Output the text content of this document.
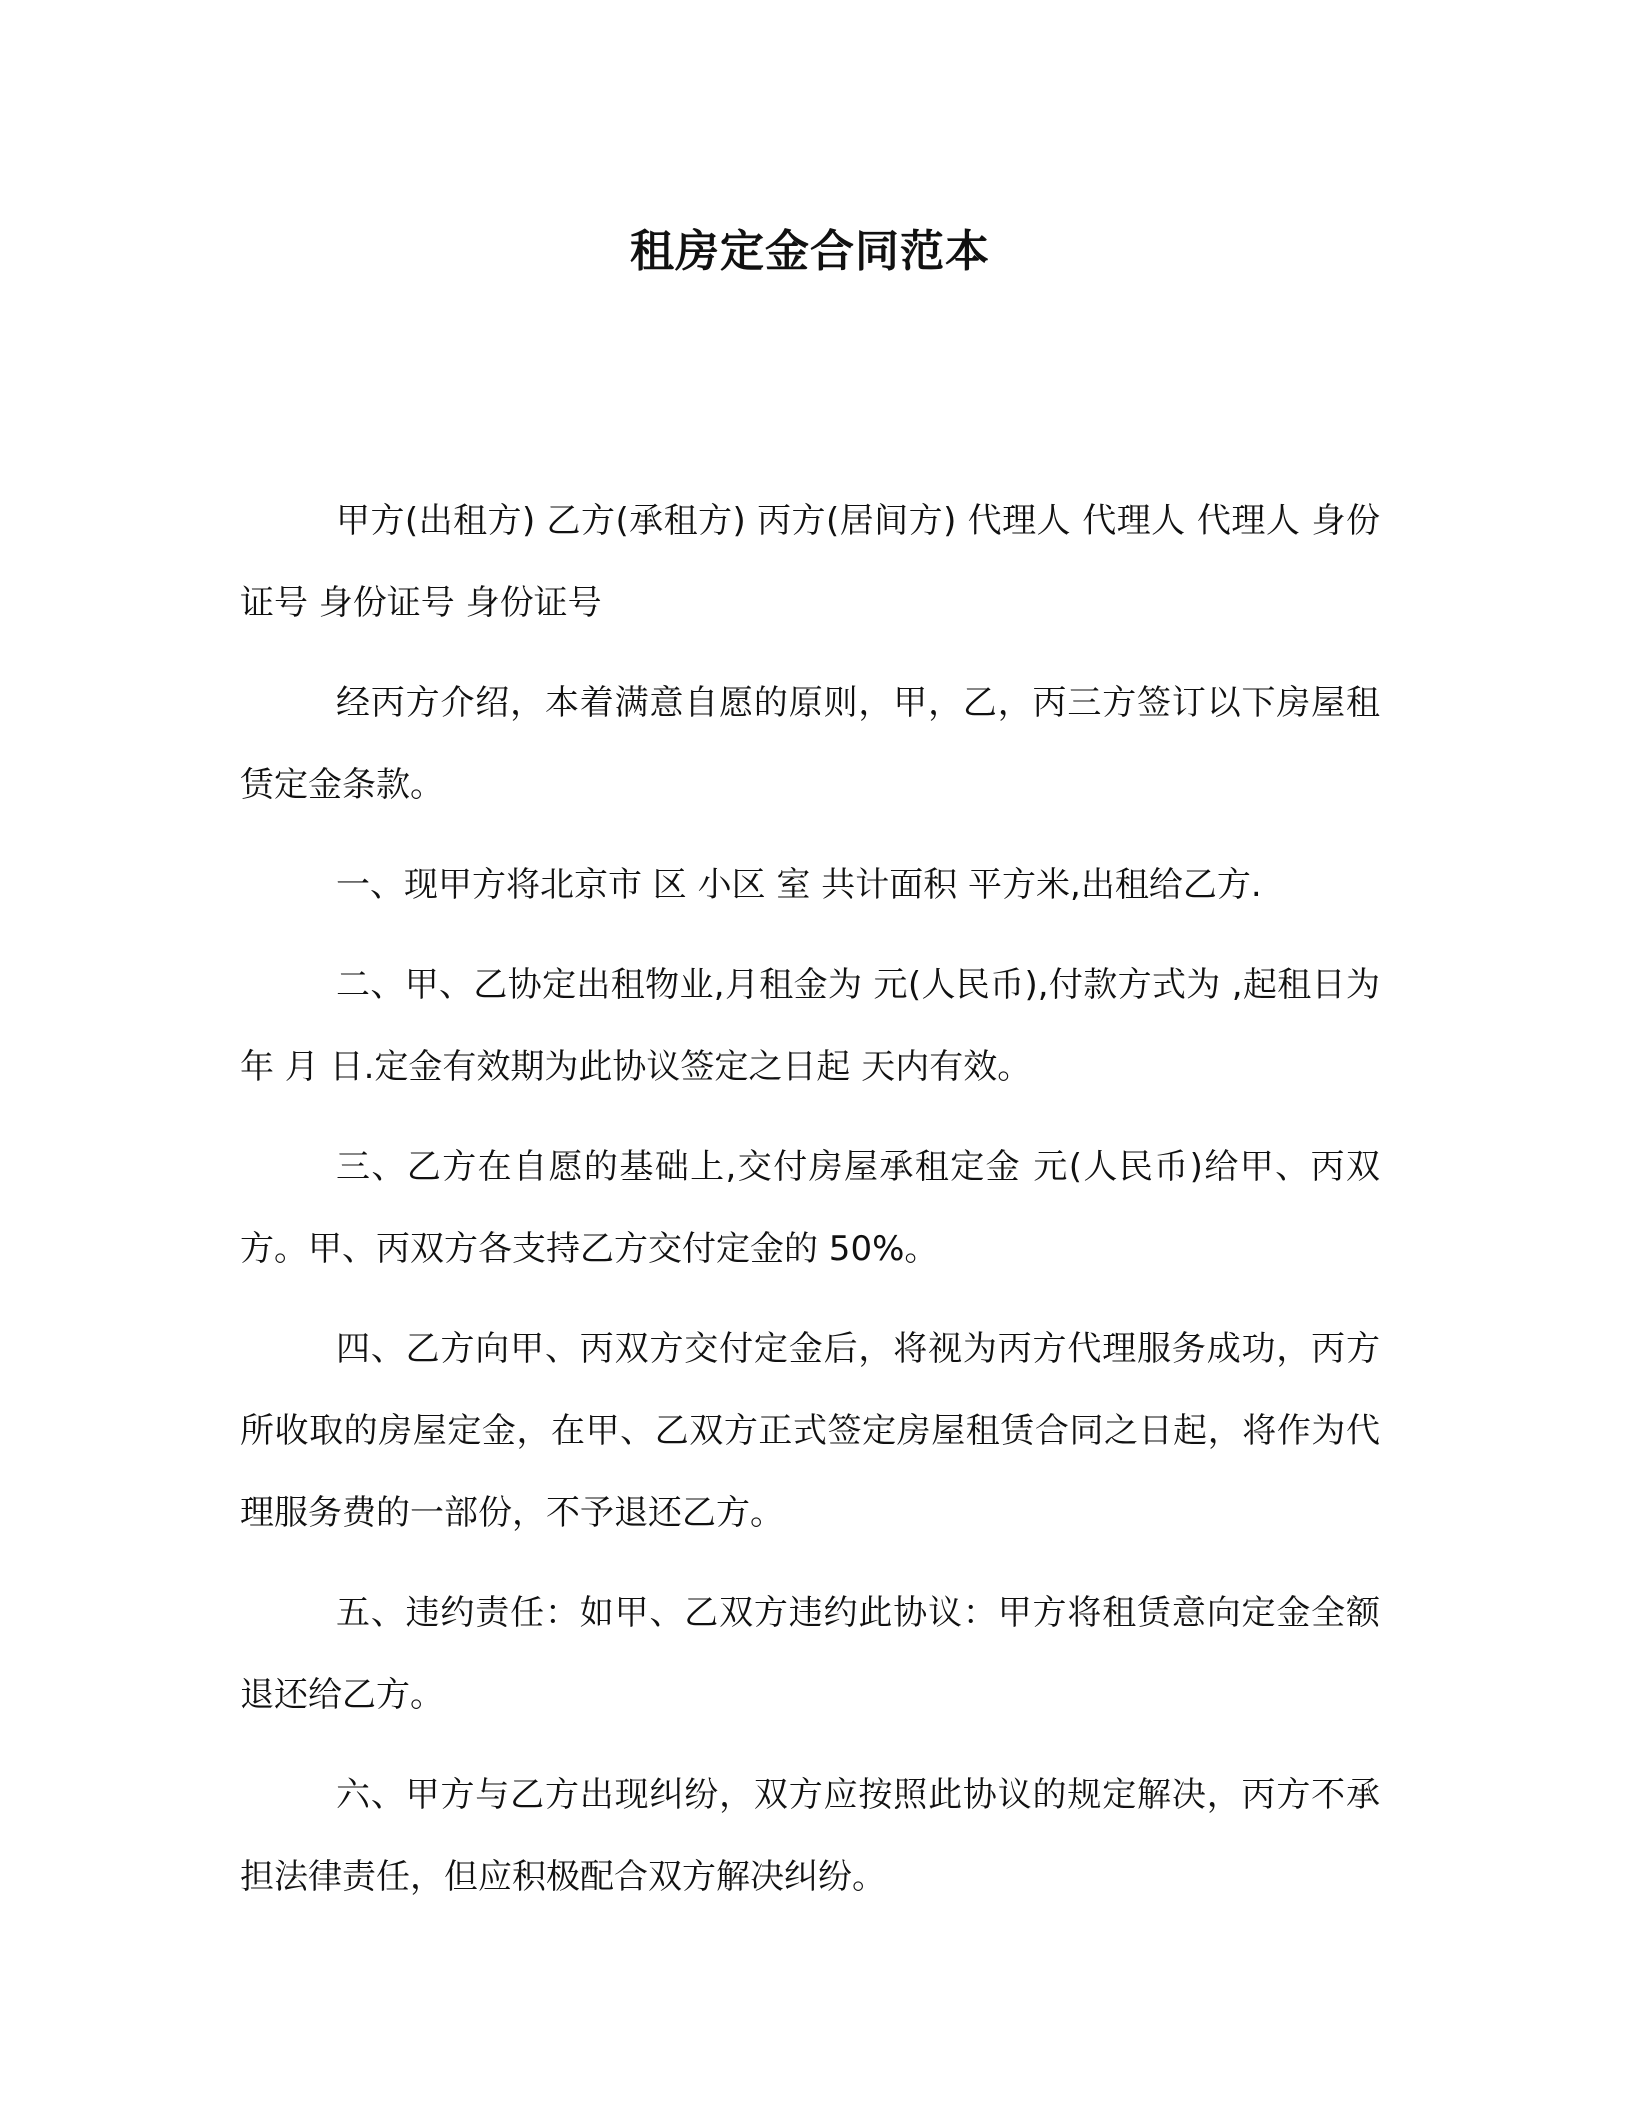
租房定金合同范本

甲方(出租方) 乙方(承租方) 丙方(居间方) 代理人 代理人 代理人 身份证号 身份证号 身份证号

经丙方介绍，本着满意自愿的原则，甲，乙，丙三方签订以下房屋租赁定金条款。

一、现甲方将北京市 区 小区 室 共计面积 平方米,出租给乙方.

二、甲、乙协定出租物业,月租金为 元(人民币),付款方式为 ,起租日为年 月 日.定金有效期为此协议签定之日起 天内有效。

三、乙方在自愿的基础上,交付房屋承租定金 元(人民币)给甲、丙双方。甲、丙双方各支持乙方交付定金的 50%。

四、乙方向甲、丙双方交付定金后，将视为丙方代理服务成功，丙方所收取的房屋定金，在甲、乙双方正式签定房屋租赁合同之日起，将作为代理服务费的一部份，不予退还乙方。

五、违约责任：如甲、乙双方违约此协议：甲方将租赁意向定金全额退还给乙方。

六、甲方与乙方出现纠纷，双方应按照此协议的规定解决，丙方不承担法律责任，但应积极配合双方解决纠纷。
